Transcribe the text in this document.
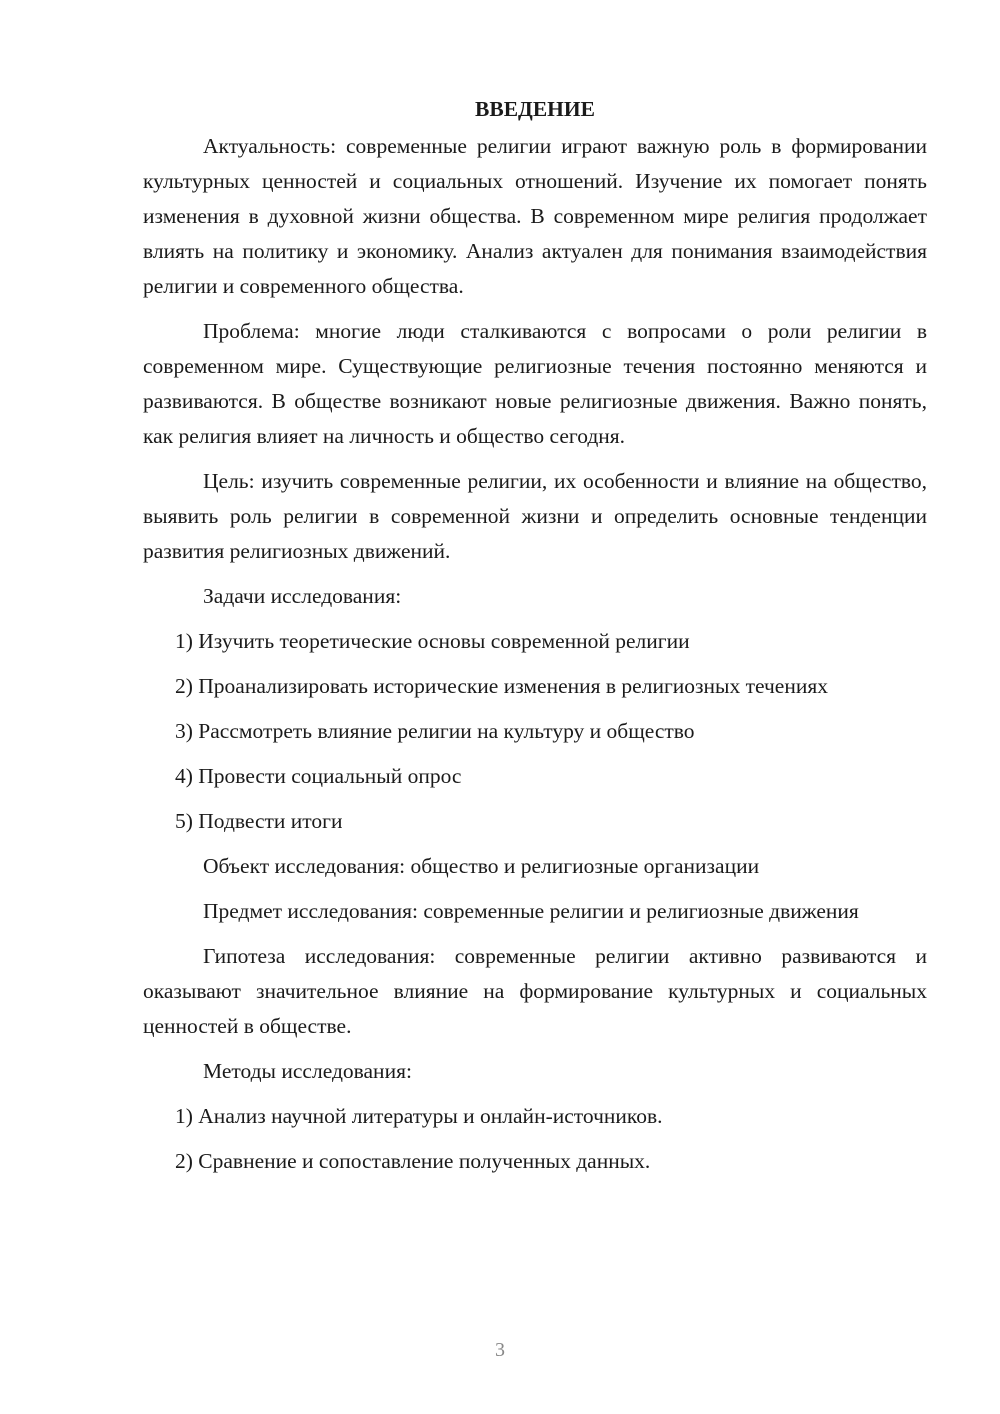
ВВЕДЕНИЕ

Актуальность: современные религии играют важную роль в формировании культурных ценностей и социальных отношений. Изучение их помогает понять изменения в духовной жизни общества. В современном мире религия продолжает влиять на политику и экономику. Анализ актуален для понимания взаимодействия религии и современного общества.

Проблема: многие люди сталкиваются с вопросами о роли религии в современном мире. Существующие религиозные течения постоянно меняются и развиваются. В обществе возникают новые религиозные движения. Важно понять, как религия влияет на личность и общество сегодня.

Цель: изучить современные религии, их особенности и влияние на общество, выявить роль религии в современной жизни и определить основные тенденции развития религиозных движений.

Задачи исследования:

1) Изучить теоретические основы современной религии

2) Проанализировать исторические изменения в религиозных течениях

3) Рассмотреть влияние религии на культуру и общество

4) Провести социальный опрос

5) Подвести итоги

Объект исследования: общество и религиозные организации

Предмет исследования: современные религии и религиозные движения

Гипотеза исследования: современные религии активно развиваются и оказывают значительное влияние на формирование культурных и социальных ценностей в обществе.

Методы исследования:

1) Анализ научной литературы и онлайн-источников.

2) Сравнение и сопоставление полученных данных.

3
